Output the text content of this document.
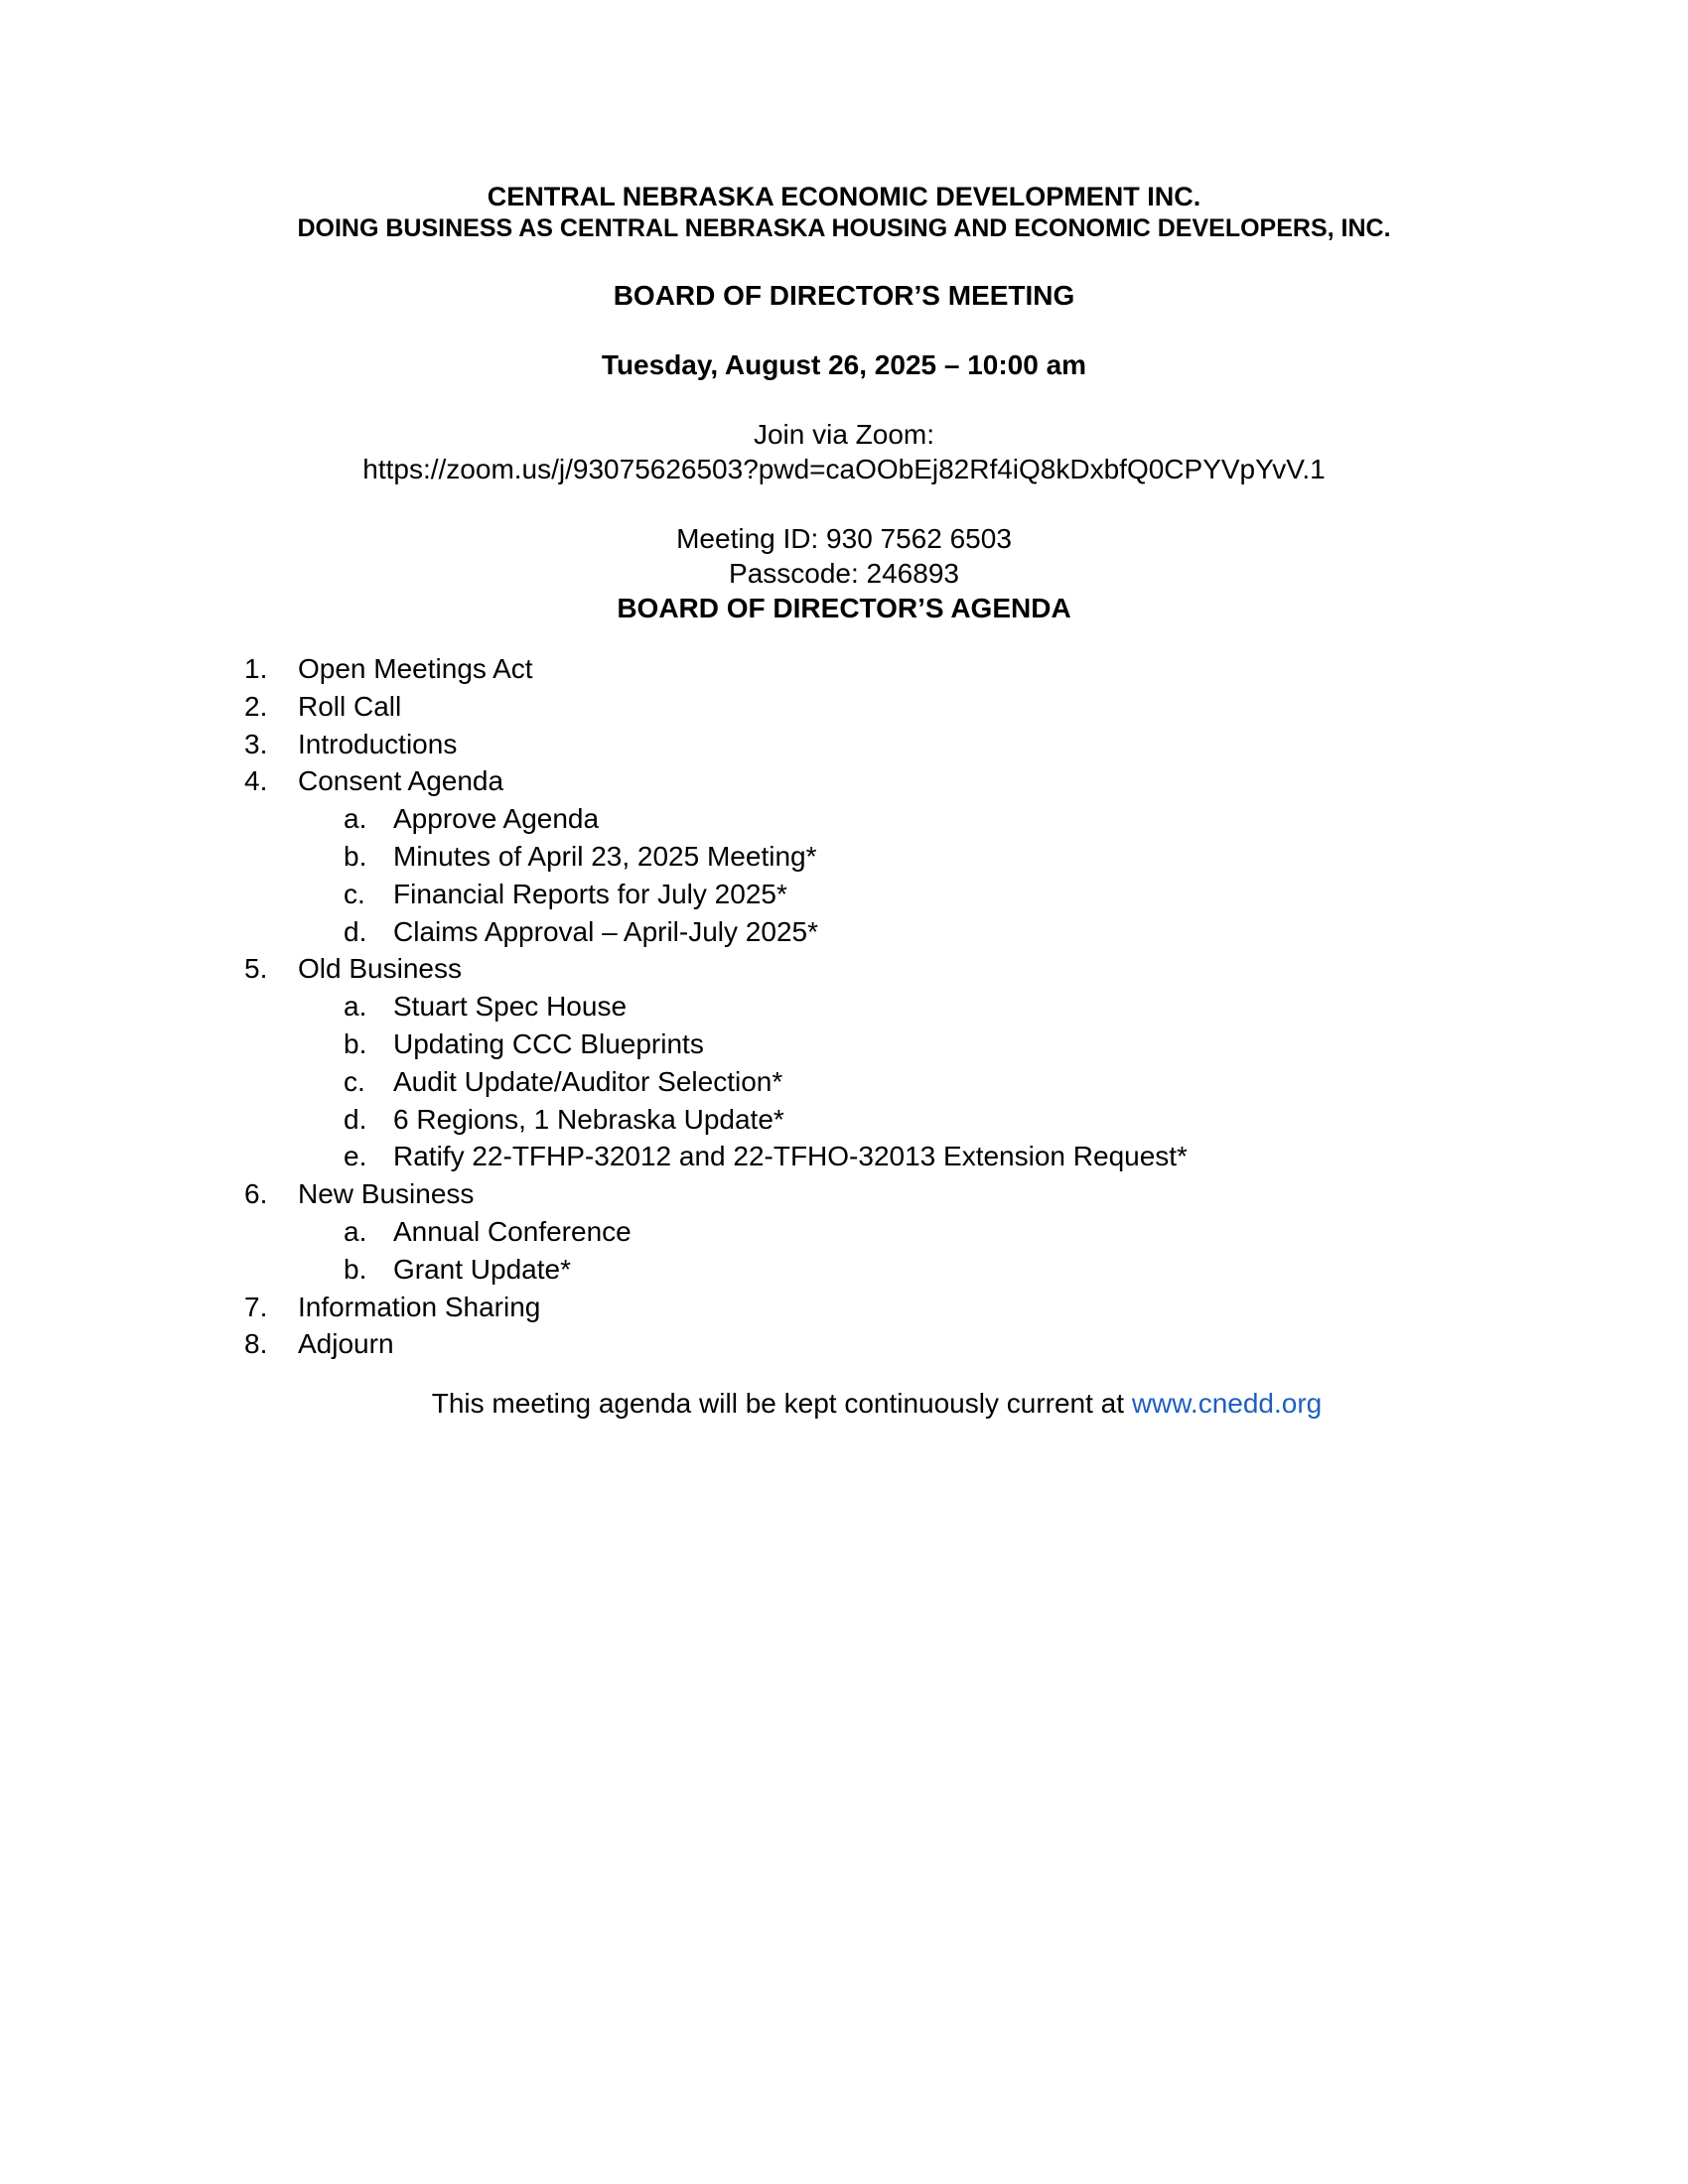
CENTRAL NEBRASKA ECONOMIC DEVELOPMENT INC.

DOING BUSINESS AS CENTRAL NEBRASKA HOUSING AND ECONOMIC DEVELOPERS, INC.

BOARD OF DIRECTOR’S MEETING

Tuesday, August 26, 2025 – 10:00 am

Join via Zoom:

https://zoom.us/j/93075626503?pwd=caOObEj82Rf4iQ8kDxbfQ0CPYVpYvV.1

Meeting ID: 930 7562 6503

Passcode: 246893

BOARD OF DIRECTOR’S AGENDA

1.	Open Meetings Act
2.	Roll Call
3.	Introductions
4.	Consent Agenda
a. Approve Agenda
b. Minutes of April 23, 2025 Meeting*
c.	Financial Reports for July 2025*
d. Claims Approval – April-July 2025*
5.	Old Business
a. Stuart Spec House
b. Updating CCC Blueprints
c.	Audit Update/Auditor Selection*
d. 6 Regions, 1 Nebraska Update*
e. Ratify 22-TFHP-32012 and 22-TFHO-32013 Extension Request*
6.	New Business
a. Annual Conference
b. Grant Update*
7.	Information Sharing
8.	Adjourn
This meeting agenda will be kept continuously current at www.cnedd.org
